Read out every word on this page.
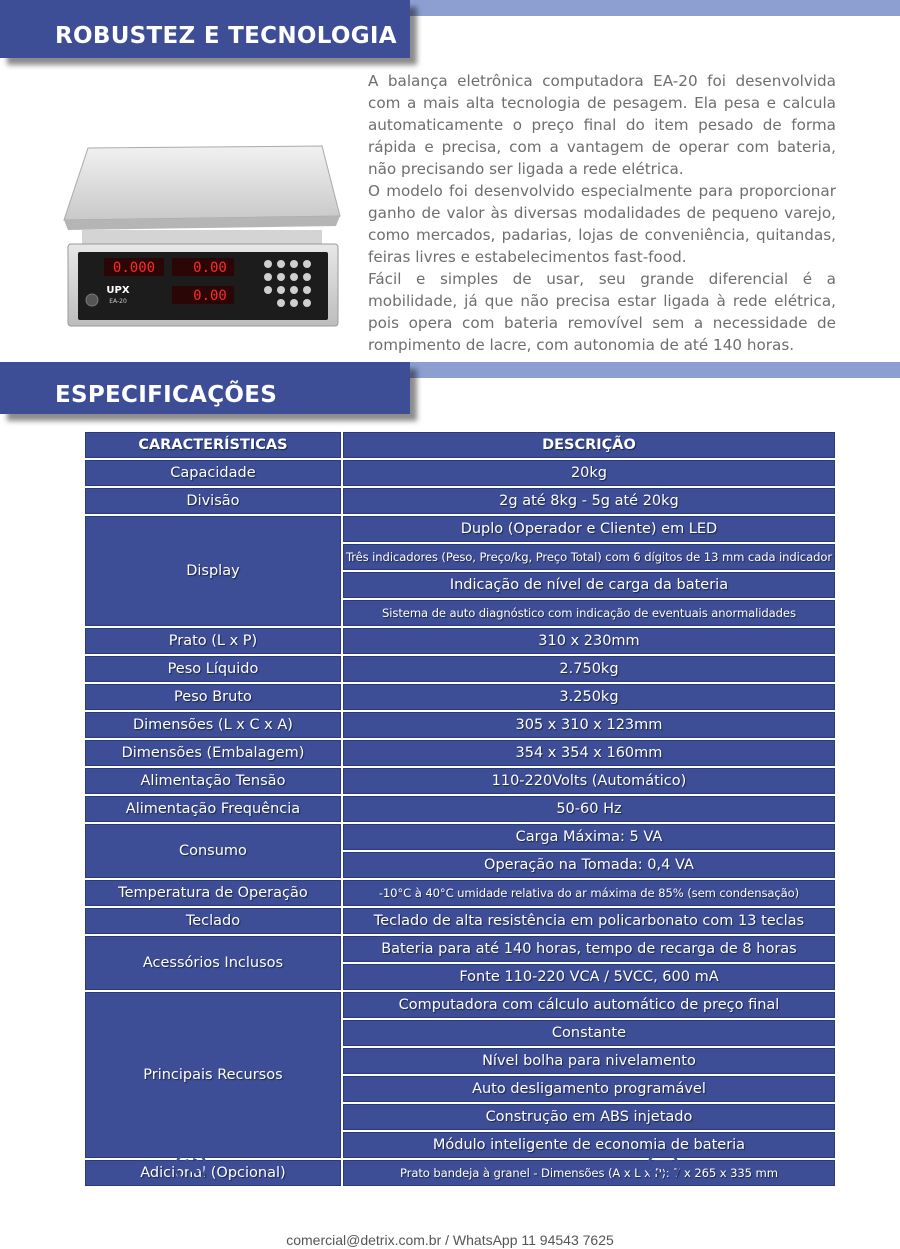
ROBUSTEZ E TECNOLOGIA
0.000	0.00
0.00
UPX
EA-20

A balança eletrônica computadora EA-20 foi desenvolvida com a mais alta tecnologia de pesagem. Ela pesa e calcula automaticamente o preço final do item pesado de forma rápida e precisa, com a vantagem de operar com bateria, não precisando ser ligada a rede elétrica.

O modelo foi desenvolvido especialmente para proporcionar ganho de valor às diversas modalidades de pequeno varejo, como mercados, padarias, lojas de conveniência, quitandas, feiras livres e estabelecimentos fast-food.

Fácil e simples de usar, seu grande diferencial é a mobilidade, já que não precisa estar ligada à rede elétrica, pois opera com bateria removível sem a necessidade de rompimento de lacre, com autonomia de até 140 horas.

ESPECIFICAÇÕES
CARACTERÍSTICAS	DESCRIÇÃO
Capacidade	20kg
Divisão	2g até 8kg - 5g até 20kg
Display	Duplo (Operador e Cliente) em LED
	Três indicadores (Peso, Preço/kg, Preço Total) com 6 dígitos de 13 mm cada indicador
	Indicação de nível de carga da bateria
	Sistema de auto diagnóstico com indicação de eventuais anormalidades
Prato (L x P)	310 x 230mm
Peso Líquido	2.750kg
Peso Bruto	3.250kg
Dimensões (L x C x A)	305 x 310 x 123mm
Dimensões (Embalagem)	354 x 354 x 160mm
Alimentação Tensão	110-220Volts (Automático)
Alimentação Frequência	50-60 Hz
Consumo	Carga Máxima: 5 VA
	Operação na Tomada: 0,4 VA
Temperatura de Operação	-10°C à 40°C umidade relativa do ar máxima de 85% (sem condensação)
Teclado	Teclado de alta resistência em policarbonato com 13 teclas
Acessórios Inclusos	Bateria para até 140 horas, tempo de recarga de 8 horas
	Fonte 110-220 VCA / 5VCC, 600 mA
Principais Recursos	Computadora com cálculo automático de preço final
	Constante
	Nível bolha para nivelamento
	Auto desligamento programável
	Construção em ABS injetado
	Módulo inteligente de economia de bateria
Adicional (Opcional)	Prato bandeja à granel - Dimensões (A x L x P): 7 x 265 x 335 mm
comercial@detrix.com.br / WhatsApp 11 94543 7625
